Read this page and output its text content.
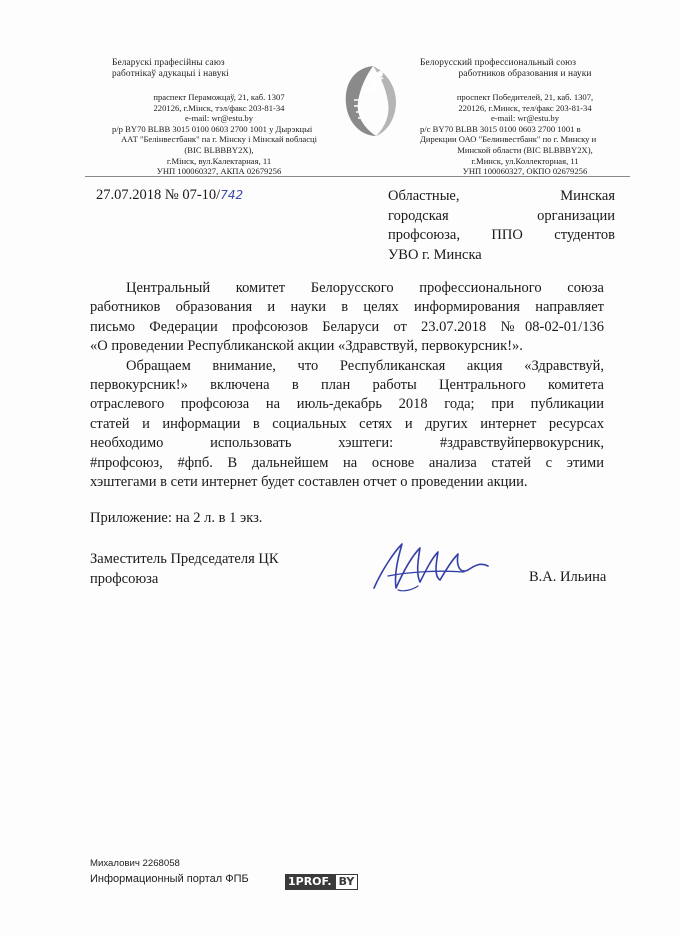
Беларускі прафесійны саюз
работнікаў адукацыі і навукі
праспект Пераможцаў, 21, каб. 1307
220126, г.Мінск, тэл/факс 203-81-34
e-mail: wr@estu.by
р/р BY70 BLBB 3015 0100 0603 2700 1001 у Дырэкцыі
ААТ "Белінвестбанк" па г. Мінску і Мінскай вобласці
(BIC BLBBBY2X),
г.Мінск, вул.Калектарная, 11
УНП 100060327, АКПА 02679256
Белорусский профессиональный союз
работников образования и науки
проспект Победителей, 21, каб. 1307,
220126, г.Минск, тел/факс 203-81-34
e-mail: wr@estu.by
р/с BY70 BLBB 3015 0100 0603 2700 1001 в
Дирекции ОАО "Белинвестбанк" по г. Минску и
Минской области (BIC BLBBBY2X),
г.Минск, ул.Коллекторная, 11
УНП 100060327, ОКПО 02679256
27.07.2018 № 07-10/742	Областные, Минская
городская организации
профсоюза, ППО студентов
УВО г. Минска

Центральный комитет Белорусского профессионального союза
работников образования и науки в целях информирования направляет
письмо Федерации профсоюзов Беларуси от 23.07.2018 №08-02-01/136
«О проведении Республиканской акции «Здравствуй, первокурсник!».

Обращаем внимание, что Республиканская акция «Здравствуй,
первокурсник!» включена в план работы Центрального комитета
отраслевого профсоюза на июль-декабрь 2018 года; при публикации
статей и информации в социальных сетях и других интернет ресурсах
необходимо использовать хэштеги: #здравствуйпервокурсник,
#профсоюз, #фпб. В дальнейшем на основе анализа статей с этими
хэштегами в сети интернет будет составлен отчет о проведении акции.

Приложение: на 2 л. в 1 экз.
Заместитель Председателя ЦК
профсоюза	В.А. Ильина
Михалович 2268058
Информационный портал ФПБ	1PROF. BY
